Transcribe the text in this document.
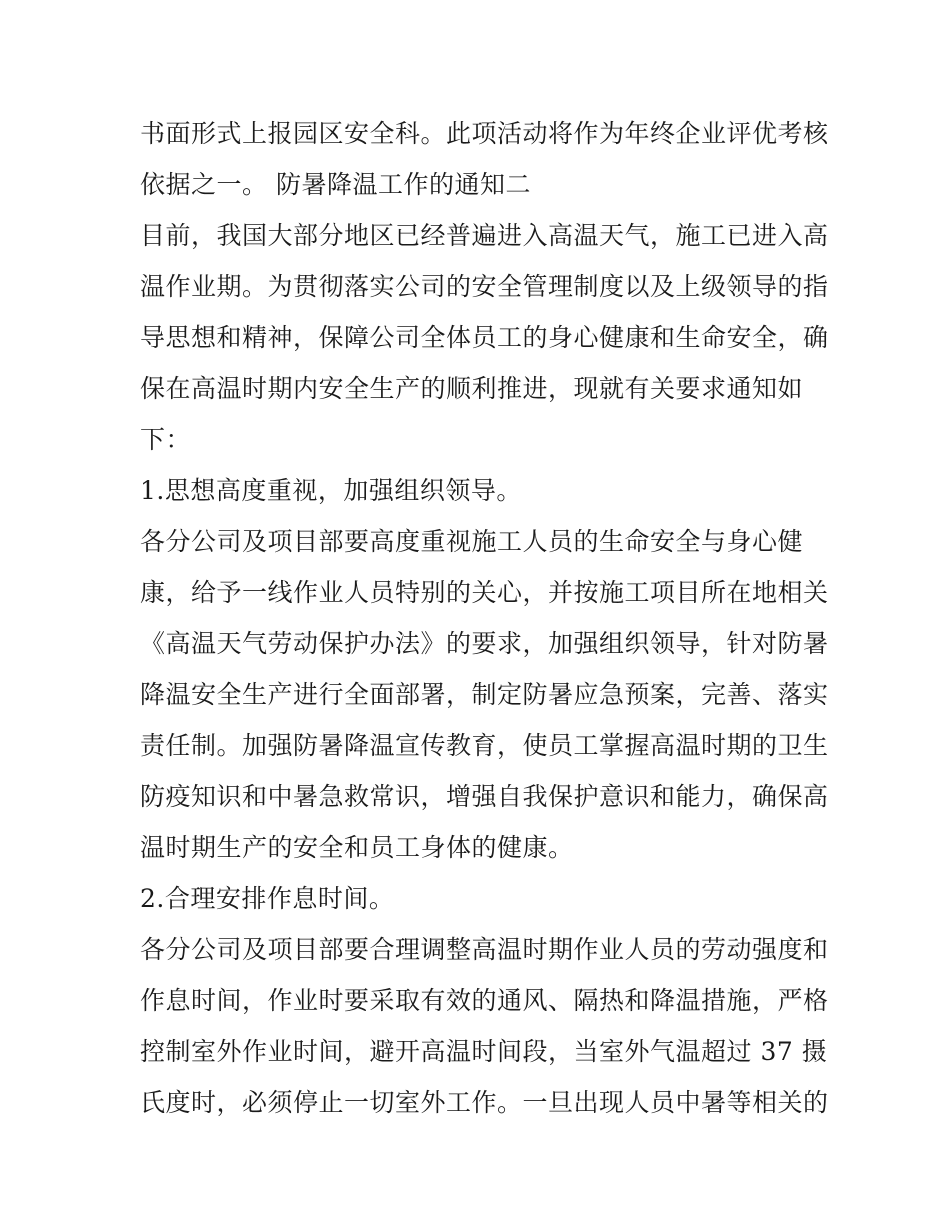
书面形式上报园区安全科。此项活动将作为年终企业评优考核
依据之一。 防暑降温工作的通知二
目前，我国大部分地区已经普遍进入高温天气，施工已进入高
温作业期。为贯彻落实公司的安全管理制度以及上级领导的指
导思想和精神，保障公司全体员工的身心健康和生命安全，确
保在高温时期内安全生产的顺利推进，现就有关要求通知如
下：
1.思想高度重视，加强组织领导。
各分公司及项目部要高度重视施工人员的生命安全与身心健
康，给予一线作业人员特别的关心，并按施工项目所在地相关
《高温天气劳动保护办法》的要求，加强组织领导，针对防暑
降温安全生产进行全面部署，制定防暑应急预案，完善、落实
责任制。加强防暑降温宣传教育，使员工掌握高温时期的卫生
防疫知识和中暑急救常识，增强自我保护意识和能力，确保高
温时期生产的安全和员工身体的健康。
2.合理安排作息时间。
各分公司及项目部要合理调整高温时期作业人员的劳动强度和
作息时间，作业时要采取有效的通风、隔热和降温措施，严格
控制室外作业时间，避开高温时间段，当室外气温超过 37 摄
氏度时，必须停止一切室外工作。一旦出现人员中暑等相关的
